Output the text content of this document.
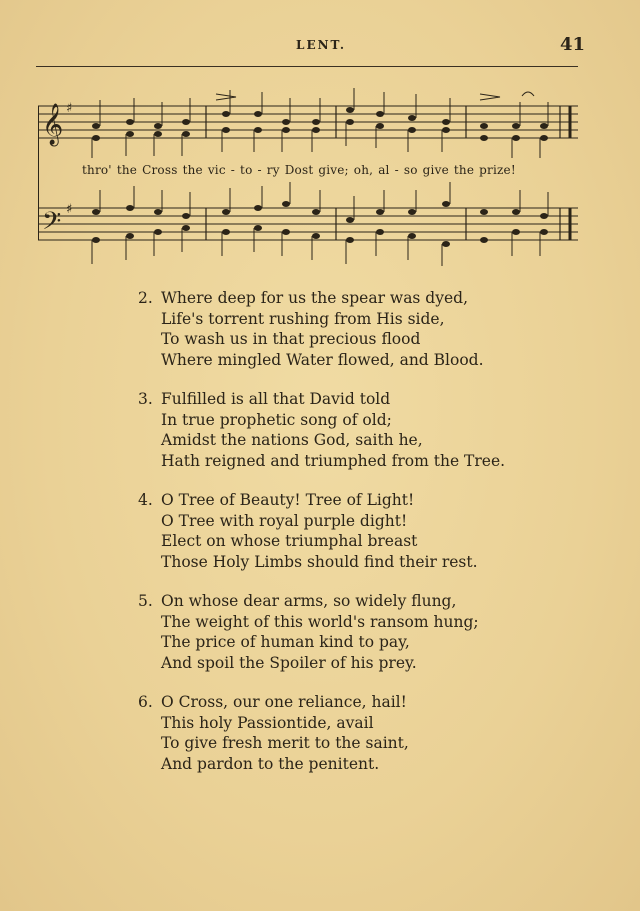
LENT.	41
𝄞
𝄢
♯
♯
thro' the Cross the vic - to - ry Dost give; oh, al - so give the prize!
2. Where deep for us the spear was dyed,
Life's torrent rushing from His side,
To wash us in that precious flood
Where mingled Water flowed, and Blood.
3. Fulfilled is all that David told
In true prophetic song of old;
Amidst the nations God, saith he,
Hath reigned and triumphed from the Tree.
4. O Tree of Beauty! Tree of Light!
O Tree with royal purple dight!
Elect on whose triumphal breast
Those Holy Limbs should find their rest.
5. On whose dear arms, so widely flung,
The weight of this world's ransom hung;
The price of human kind to pay,
And spoil the Spoiler of his prey.
6. O Cross, our one reliance, hail!
This holy Passiontide, avail
To give fresh merit to the saint,
And pardon to the penitent.
